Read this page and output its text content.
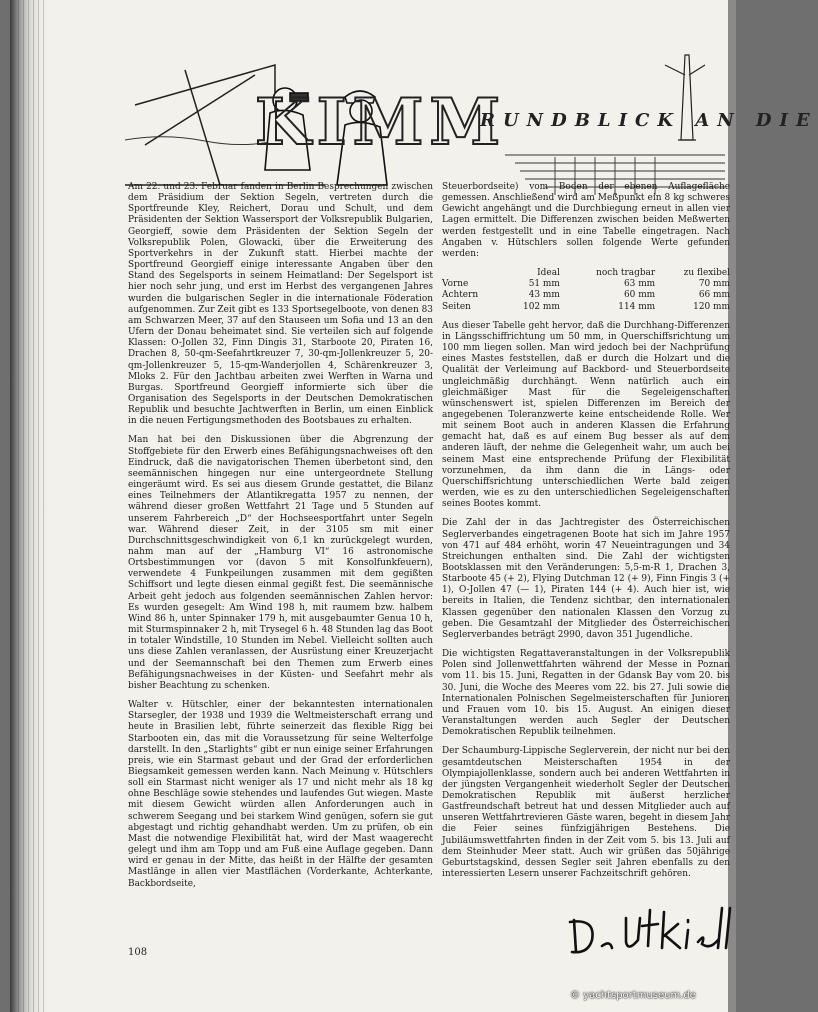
KIMM
RUNDBLICK AN DIE

Am 22. und 23. Februar fanden in Berlin Besprechungen zwischen dem Präsidium der Sektion Segeln, vertreten durch die Sportfreunde Kley, Reichert, Dorau und Schult, und dem Präsidenten der Sektion Wassersport der Volksrepublik Bulgarien, Georgieff, sowie dem Präsidenten der Sektion Segeln der Volksrepublik Polen, Glowacki, über die Erweiterung des Sportverkehrs in der Zukunft statt. Hierbei machte der Sportfreund Georgieff einige interessante Angaben über den Stand des Segelsports in seinem Heimatland: Der Segelsport ist hier noch sehr jung, und erst im Herbst des vergangenen Jahres wurden die bulgarischen Segler in die internationale Föderation aufgenommen. Zur Zeit gibt es 133 Sportsegelboote, von denen 83 am Schwarzen Meer, 37 auf den Stauseen um Sofia und 13 an den Ufern der Donau beheimatet sind. Sie verteilen sich auf folgende Klassen: O-Jollen 32, Finn Dingis 31, Starboote 20, Piraten 16, Drachen 8, 50-qm-Seefahrtkreuzer 7, 30-qm-Jollenkreuzer 5, 20-qm-Jollenkreuzer 5, 15-qm-Wanderjollen 4, Schärenkreuzer 3, Mloks 2. Für den Jachtbau arbeiten zwei Werften in Warna und Burgas. Sportfreund Georgieff informierte sich über die Organisation des Segelsports in der Deutschen Demokratischen Republik und besuchte Jachtwerften in Berlin, um einen Einblick in die neuen Fertigungsmethoden des Bootsbaues zu erhalten.

Man hat bei den Diskussionen über die Abgrenzung der Stoffgebiete für den Erwerb eines Befähigungsnachweises oft den Eindruck, daß die navigatorischen Themen überbetont sind, den seemännischen hingegen nur eine untergeordnete Stellung eingeräumt wird. Es sei aus diesem Grunde gestattet, die Bilanz eines Teilnehmers der Atlantikregatta 1957 zu nennen, der während dieser großen Wettfahrt 21 Tage und 5 Stunden auf unserem Fahrbereich „D“ der Hochseesportfahrt unter Segeln war. Während dieser Zeit, in der 3105 sm mit einer Durchschnittsgeschwindigkeit von 6,1 kn zurückgelegt wurden, nahm man auf der „Hamburg VI“ 16 astronomische Ortsbestimmungen vor (davon 5 mit Konsolfunkfeuern), verwendete 4 Funkpeilungen zusammen mit dem gegißten Schiffsort und legte diesen einmal gegißt fest. Die seemännische Arbeit geht jedoch aus folgenden seemännischen Zahlen hervor: Es wurden gesegelt: Am Wind 198 h, mit raumem bzw. halbem Wind 86 h, unter Spinnaker 179 h, mit ausgebaumter Genua 10 h, mit Sturmspinnaker 2 h, mit Trysegel 6 h. 48 Stunden lag das Boot in totaler Windstille, 10 Stunden im Nebel. Vielleicht sollten auch uns diese Zahlen veranlassen, der Ausrüstung einer Kreuzerjacht und der Seemannschaft bei den Themen zum Erwerb eines Befähigungsnachweises in der Küsten- und Seefahrt mehr als bisher Beachtung zu schenken.

Walter v. Hütschler, einer der bekanntesten internationalen Starsegler, der 1938 und 1939 die Weltmeisterschaft errang und heute in Brasilien lebt, führte seinerzeit das flexible Rigg bei Starbooten ein, das mit die Voraussetzung für seine Welterfolge darstellt. In den „Starlights“ gibt er nun einige seiner Erfahrungen preis, wie ein Starmast gebaut und der Grad der erforderlichen Biegsamkeit gemessen werden kann. Nach Meinung v. Hütschlers soll ein Starmast nicht weniger als 17 und nicht mehr als 18 kg ohne Beschläge sowie stehendes und laufendes Gut wiegen. Maste mit diesem Gewicht würden allen Anforderungen auch in schwerem Seegang und bei starkem Wind genügen, sofern sie gut abgestagt und richtig gehandhabt werden. Um zu prüfen, ob ein Mast die notwendige Flexibilität hat, wird der Mast waagerecht gelegt und ihm am Topp und am Fuß eine Auflage gegeben. Dann wird er genau in der Mitte, das heißt in der Hälfte der gesamten Mastlänge in allen vier Mastflächen (Vorderkante, Achterkante, Backbordseite,

Steuerbordseite) vom Boden der ebenen Auflagefläche gemessen. Anschließend wird am Meßpunkt ein 8 kg schweres Gewicht angehängt und die Durchbiegung erneut in allen vier Lagen ermittelt. Die Differenzen zwischen beiden Meßwerten werden festgestellt und in eine Tabelle eingetragen. Nach Angaben v. Hütschlers sollen folgende Werte gefunden werden:

	Ideal	noch tragbar	zu flexibel
Vorne	51 mm	63 mm	70 mm
Achtern	43 mm	60 mm	66 mm
Seiten	102 mm	114 mm	120 mm

Aus dieser Tabelle geht hervor, daß die Durchhang-Differenzen in Längsschiffrichtung um 50 mm, in Querschiffsrichtung um 100 mm liegen sollen. Man wird jedoch bei der Nachprüfung eines Mastes feststellen, daß er durch die Holzart und die Qualität der Verleimung auf Backbord- und Steuerbordseite ungleichmäßig durchhängt. Wenn natürlich auch ein gleichmäßiger Mast für die Segeleigenschaften wünschenswert ist, spielen Differenzen im Bereich der angegebenen Toleranzwerte keine entscheidende Rolle. Wer mit seinem Boot auch in anderen Klassen die Erfahrung gemacht hat, daß es auf einem Bug besser als auf dem anderen läuft, der nehme die Gelegenheit wahr, um auch bei seinem Mast eine entsprechende Prüfung der Flexibilität vorzunehmen, da ihm dann die in Längs- oder Querschiffsrichtung unterschiedlichen Werte bald zeigen werden, wie es zu den unterschiedlichen Segeleigenschaften seines Bootes kommt.

Die Zahl der in das Jachtregister des Österreichischen Seglerverbandes eingetragenen Boote hat sich im Jahre 1957 von 471 auf 484 erhöht, worin 47 Neueintragungen und 34 Streichungen enthalten sind. Die Zahl der wichtigsten Bootsklassen mit den Veränderungen: 5,5-m-R 1, Drachen 3, Starboote 45 (+ 2), Flying Dutchman 12 (+ 9), Finn Fingis 3 (+ 1), O-Jollen 47 (— 1), Piraten 144 (+ 4). Auch hier ist, wie bereits in Italien, die Tendenz sichtbar, den internationalen Klassen gegenüber den nationalen Klassen den Vorzug zu geben. Die Gesamtzahl der Mitglieder des Österreichischen Seglerverbandes beträgt 2990, davon 351 Jugendliche.

Die wichtigsten Regattaveranstaltungen in der Volksrepublik Polen sind Jollenwettfahrten während der Messe in Poznan vom 11. bis 15. Juni, Regatten in der Gdansk Bay vom 20. bis 30. Juni, die Woche des Meeres vom 22. bis 27. Juli sowie die Internationalen Polnischen Segelmeisterschaften für Junioren und Frauen vom 10. bis 15. August. An einigen dieser Veranstaltungen werden auch Segler der Deutschen Demokratischen Republik teilnehmen.

Der Schaumburg-Lippische Seglerverein, der nicht nur bei den gesamtdeutschen Meisterschaften 1954 in der Olympiajollenklasse, sondern auch bei anderen Wettfahrten in der jüngsten Vergangenheit wiederholt Segler der Deutschen Demokratischen Republik mit äußerst herzlicher Gastfreundschaft betreut hat und dessen Mitglieder auch auf unseren Wettfahrtrevieren Gäste waren, begeht in diesem Jahr die Feier seines fünfzigjährigen Bestehens. Die Jubiläumswettfahrten finden in der Zeit vom 5. bis 13. Juli auf dem Steinhuder Meer statt. Auch wir grüßen das 50jährige Geburtstagskind, dessen Segler seit Jahren ebenfalls zu den interessierten Lesern unserer Fachzeitschrift gehören.

108
© yachtsportmuseum.de
